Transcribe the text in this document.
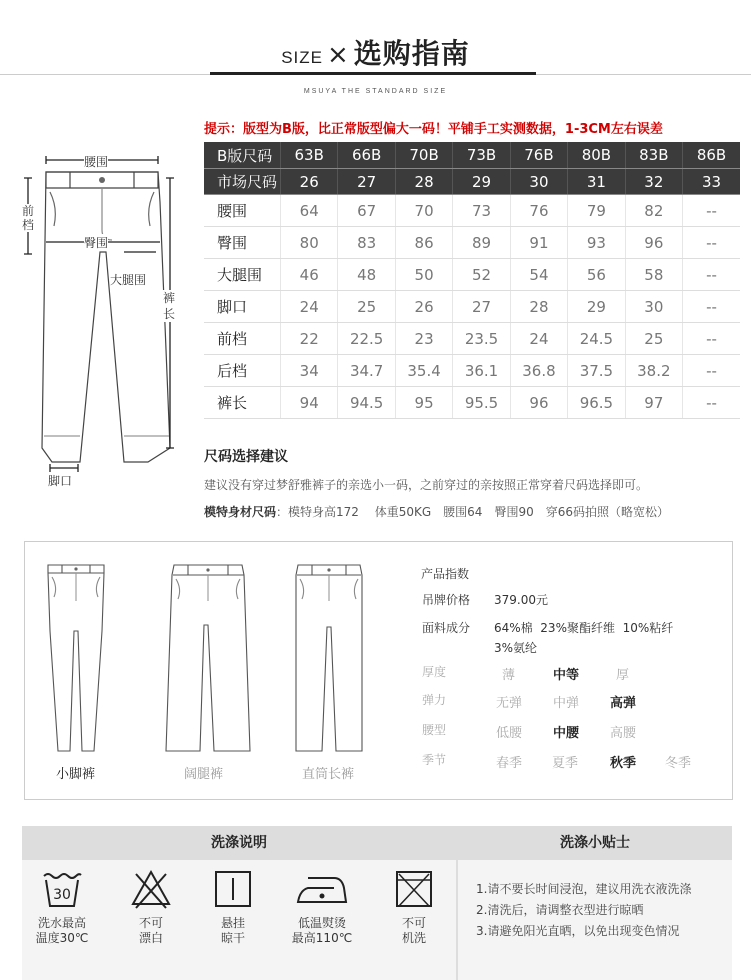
SIZE × 选购指南
MSUYA THE STANDARD SIZE
腰围
前档
臀围
大腿围
裤长
脚口
提示：版型为B版，比正常版型偏大一码！平铺手工实测数据，1-3CM左右误差
B版尺码	63B	66B	70B	73B	76B	80B	83B	86B
市场尺码	26	27	28	29	30	31	32	33
腰围	64	67	70	73	76	79	82	--
臀围	80	83	86	89	91	93	96	--
大腿围	46	48	50	52	54	56	58	--
脚口	24	25	26	27	28	29	30	--
前档	22	22.5	23	23.5	24	24.5	25	--
后档	34	34.7	35.4	36.1	36.8	37.5	38.2	--
裤长	94	94.5	95	95.5	96	96.5	97	--
尺码选择建议
建议没有穿过梦舒雅裤子的亲选小一码，之前穿过的亲按照正常穿着尺码选择即可。
模特身材尺码：模特身高172　 体重50KG　腰围64　臀围90　穿66码拍照（略宽松）
小脚裤	阔腿裤	直筒长裤
产品指数
吊牌价格 379.00元
面料成分 64%棉  23%聚酯纤维  10%粘纤
3%氨纶
厚度	薄	中等	厚
弹力	无弹 中弹 高弹
腰型	低腰 中腰 高腰
季节	春季 夏季 秋季 冬季
洗涤说明	洗涤小贴士
30
洗水最高
温度30℃
不可
漂白
悬挂
晾干
低温熨烫
最高110℃
不可
机洗
1.请不要长时间浸泡，建议用洗衣液洗涤
2.清洗后，请调整衣型进行晾晒
3.请避免阳光直晒，以免出现变色情况
